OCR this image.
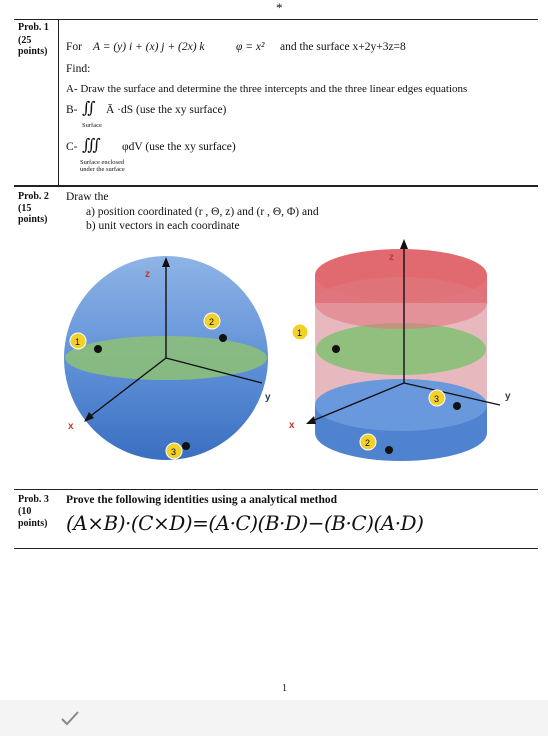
*
Prob. 1
(25
points) For A = (y) i + (x) j + (2x) k	φ = x² and the surface x+2y+3z=8
Find:
A- Draw the surface and determine the three intercepts and the three linear edges equations
B- ∬ Ā ·dS (use the xy surface)
Surface
C- ∭ φdV (use the xy surface)
Surface enclosed
under the surface
Prob. 2
(15
points)
Draw the
a) position coordinated (r , Θ, z) and (r , Θ, Φ) and
b) unit vectors in each coordinate
z
y
x
1
2
3
z
y
x
1
2
3
Prob. 3
(10
points)
Prove the following identities using a analytical method
(A×B)·(C×D)=(A·C)(B·D)−(B·C)(A·D)
1
